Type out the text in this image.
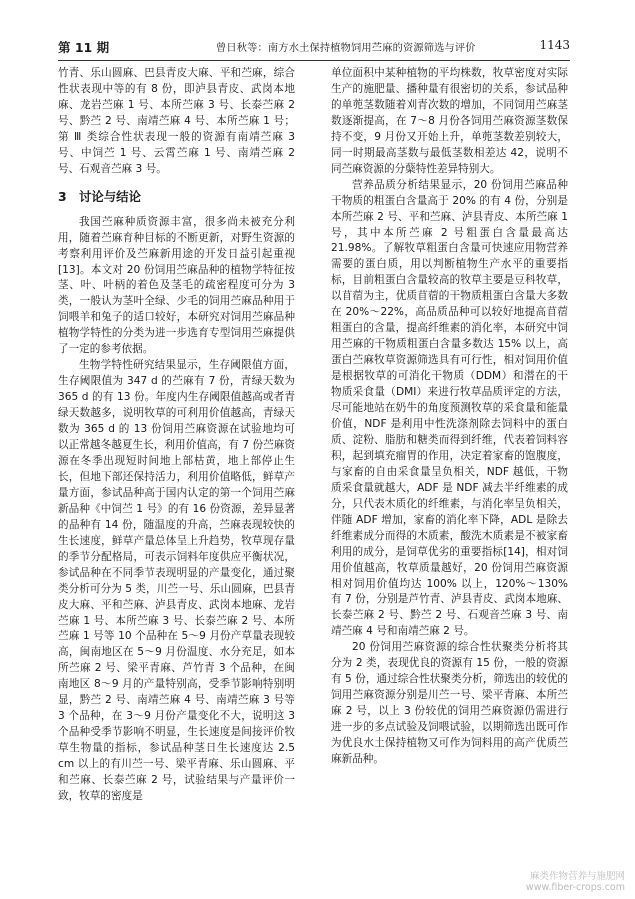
第 11 期	曾日秋等：南方水土保持植物饲用苎麻的资源筛选与评价	1143

竹青、乐山圆麻、巴县青皮大麻、平和苎麻，综合性状表现中等的有 8 份，即泸县青皮、武岗本地麻、龙岩苎麻 1 号、本所苎麻 3 号、长泰苎麻 2 号、黔苎 2 号、南靖苎麻 4 号、本所苎麻 1 号；第 Ⅲ 类综合性状表现一般的资源有南靖苎麻 3 号、中饲苎 1 号、云霄苎麻 1 号、南靖苎麻 2 号、石观音苎麻 3 号。

3　讨论与结论

我国苎麻种质资源丰富，很多尚未被充分利用，随着苎麻育种目标的不断更新，对野生资源的考察利用评价及苎麻新用途的开发日益引起重视[13]。本文对 20 份饲用苎麻品种的植物学特征按茎、叶、叶柄的着色及茎毛的疏密程度可分为 3 类，一般认为茎叶全绿、少毛的饲用苎麻品种用于饲喂羊和兔子的适口较好，本研究对饲用苎麻品种植物学特性的分类为进一步选育专型饲用苎麻提供了一定的参考依据。

生物学特性研究结果显示，生存阈限值方面，生存阈限值为 347 d 的苎麻有 7 份，青绿天数为 365 d 的有 13 份。年度内生存阈限值越高或者青绿天数越多，说明牧草的可利用价值越高，青绿天数为 365 d 的 13 份饲用苎麻资源在试验地均可以正常越冬越夏生长，利用价值高，有 7 份苎麻资源在冬季出现短时间地上部枯黄，地上部停止生长，但地下部还保持活力，利用价值略低，鲜草产量方面，参试品种高于国内认定的第一个饲用苎麻新品种《中饲苎 1 号》的有 16 份资源，差异显著的品种有 14 份，随温度的升高，苎麻表现较快的生长速度，鲜草产量总体呈上升趋势，牧草现存量的季节分配格局，可表示饲料年度供应平衡状况，参试品种在不同季节表现明显的产量变化，通过聚类分析可分为 5 类，川苎一号、乐山圆麻，巴县青皮大麻、平和苎麻、泸县青皮、武岗本地麻、龙岩苎麻 1 号、本所苎麻 3 号、长泰苎麻 2 号、本所苎麻 1 号等 10 个品种在 5～9 月份产草量表现较高，闽南地区在 5～9 月份温度、水分充足，如本所苎麻 2 号、梁平青麻、芦竹青 3 个品种，在闽南地区 8～9 月的产量特别高，受季节影响特别明显，黔苎 2 号、南靖苎麻 4 号、南靖苎麻 3 号等 3 个品种，在 3～9 月份产量变化不大，说明这 3 个品种受季节影响不明显，生长速度是间接评价牧草生物量的指标，参试品种茎日生长速度达 2.5 cm 以上的有川苎一号、梁平青麻、乐山圆麻、平和苎麻、长泰苎麻 2 号，试验结果与产量评价一致，牧草的密度是

单位面积中某种植物的平均株数，牧草密度对实际生产的施肥量、播种量有很密切的关系，参试品种的单蔸茎数随着刈青次数的增加，不同饲用苎麻茎数逐渐提高，在 7～8 月份各饲用苎麻资源茎数保持不变，9 月份又开始上升，单蔸茎数差别较大，同一时期最高茎数与最低茎数相差达 42，说明不同苎麻资源的分蘖特性差异特别大。

营养品质分析结果显示，20 份饲用苎麻品种干物质的粗蛋白含量高于 20% 的有 4 份，分别是本所苎麻 2 号、平和苎麻、泸县青皮、本所苎麻 1 号，其中本所苎麻 2 号粗蛋白含量最高达 21.98%。了解牧草粗蛋白含量可快速应用物营养需要的蛋白质，用以判断植物生产水平的重要指标，目前粗蛋白含量较高的牧草主要是豆科牧草，以苜蓿为主，优质苜蓿的干物质粗蛋白含量大多数在 20%～22%，高品质品种可以较好地提高苜蓿粗蛋白的含量，提高纤维素的消化率，本研究中饲用苎麻的干物质粗蛋白含量多数达 15% 以上，高蛋白苎麻牧草资源筛选具有可行性，相对饲用价值是根据牧草的可消化干物质（DDM）和潜在的干物质采食量（DMI）来进行牧草品质评定的方法，尽可能地站在奶牛的角度预测牧草的采食量和能量价值，NDF 是利用中性洗涤剂除去饲料中的蛋白质、淀粉、脂肪和糖类而得到纤维，代表着饲料容积，起到填充瘤胃的作用，决定着家畜的饱腹度，与家畜的自由采食量呈负相关，NDF 越低，干物质采食量就越大，ADF 是 NDF 减去半纤维素的成分，只代表木质化的纤维素，与消化率呈负相关，伴随 ADF 增加，家畜的消化率下降，ADL 是除去纤维素成分而得的木质素，酸洗木质素是不被家畜利用的成分，是饲草优劣的重要指标[14]，相对饲用价值越高，牧草质量越好，20 份饲用苎麻资源相对饲用价值均达 100% 以上，120%～130% 有 7 份，分别是芦竹青、泸县青皮、武岗本地麻、长泰苎麻 2 号、黔苎 2 号、石观音苎麻 3 号、南靖苎麻 4 号和南靖苎麻 2 号。

20 份饲用苎麻资源的综合性状聚类分析将其分为 2 类，表现优良的资源有 15 份，一般的资源有 5 份，通过综合性状聚类分析，筛选出的较优的饲用苎麻资源分别是川苎一号、梁平青麻、本所苎麻 2 号，以上 3 份较优的饲用苎麻资源仍需进行进一步的多点试验及饲喂试验，以期筛选出既可作为优良水土保持植物又可作为饲料用的高产优质苎麻新品种。

麻类作物营养与施肥网
www.fiber-crops.com
